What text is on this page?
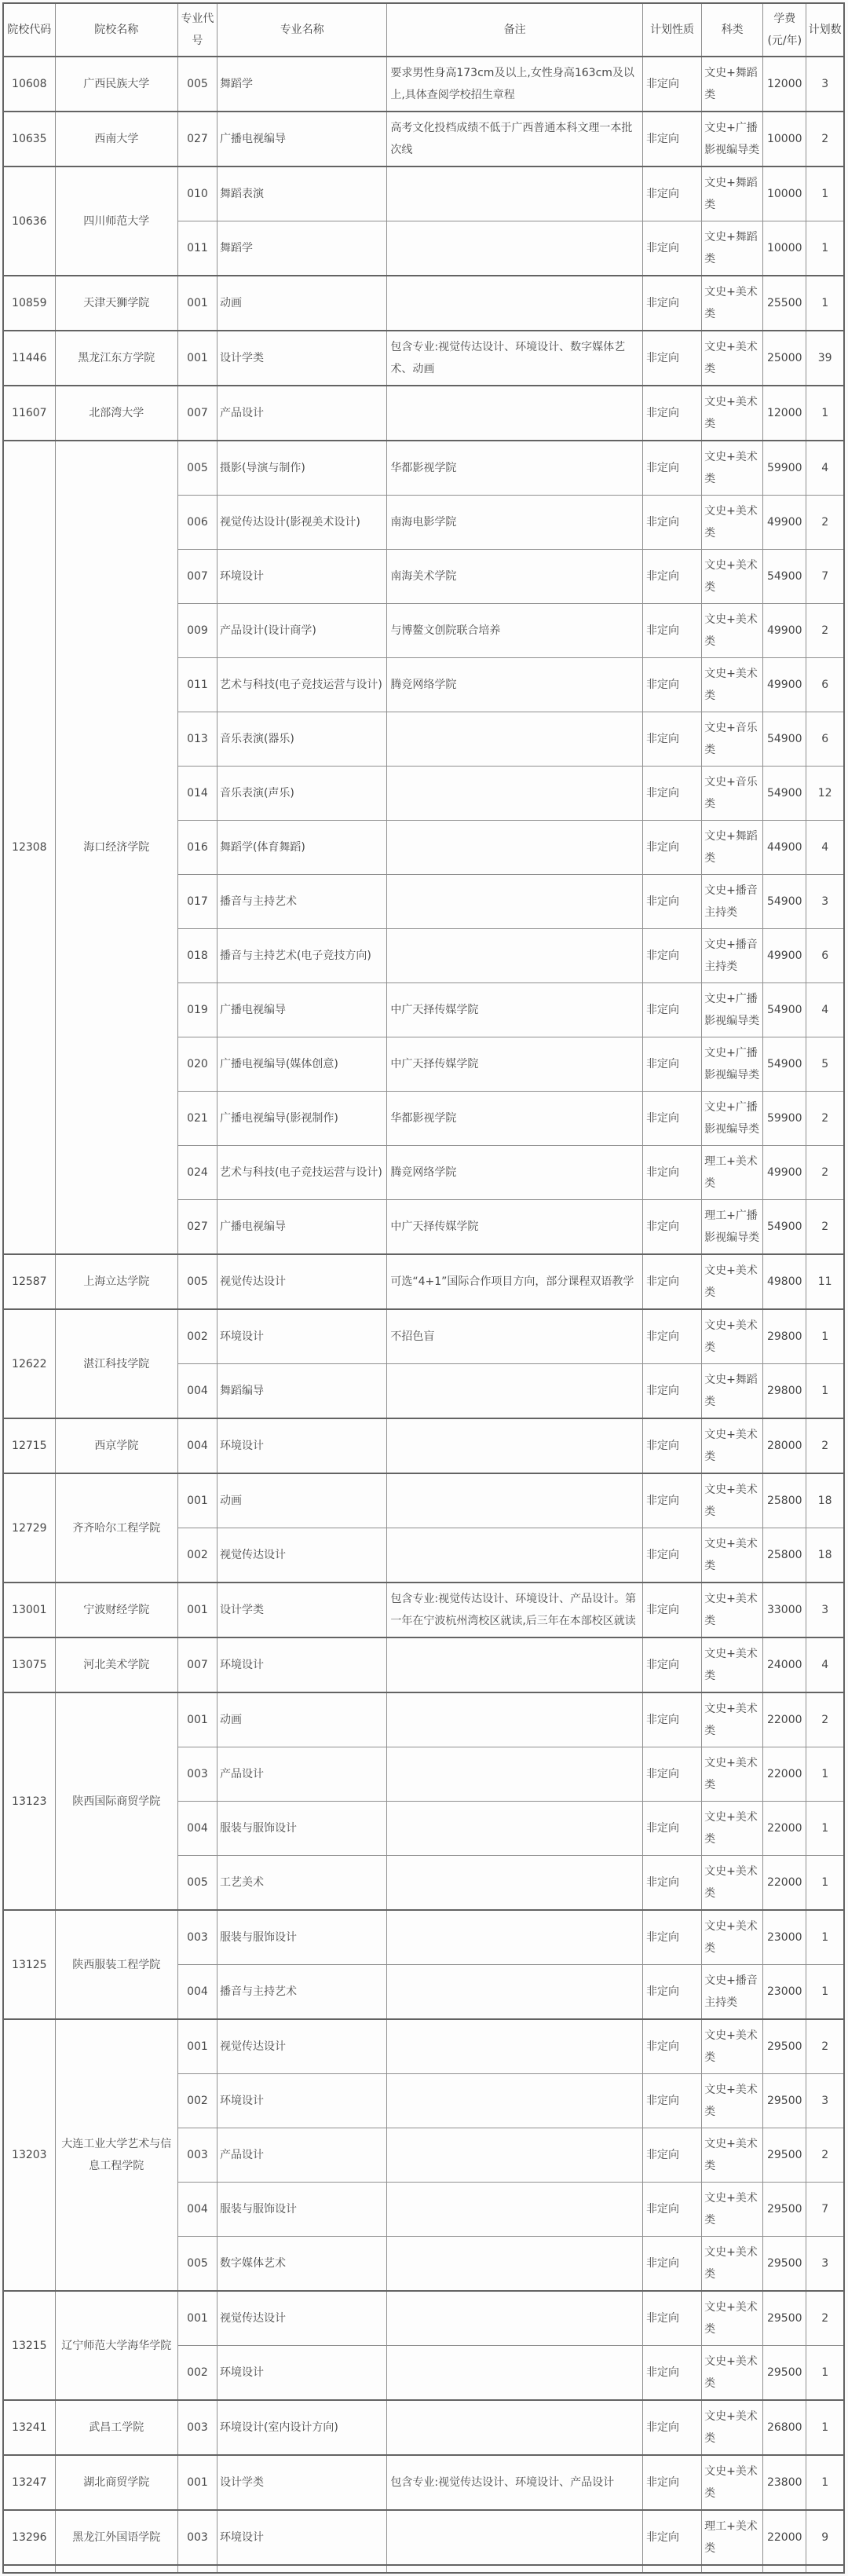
院校代码	院校名称	专业代号	专业名称	备注	计划性质	科类	学费(元/年)	计划数
10608	广西民族大学	005	舞蹈学	要求男性身高173cm及以上,女性身高163cm及以上,具体查阅学校招生章程	非定向	文史+舞蹈类	12000	3
10635	西南大学	027	广播电视编导	高考文化投档成绩不低于广西普通本科文理一本批次线	非定向	文史+广播影视编导类	10000	2
10636	四川师范大学	010	舞蹈表演		非定向	文史+舞蹈类	10000	1
		011	舞蹈学		非定向	文史+舞蹈类	10000	1
10859	天津天狮学院	001	动画		非定向	文史+美术类	25500	1
11446	黑龙江东方学院	001	设计学类	包含专业:视觉传达设计、环境设计、数字媒体艺术、动画	非定向	文史+美术类	25000	39
11607	北部湾大学	007	产品设计		非定向	文史+美术类	12000	1
12308	海口经济学院	005	摄影(导演与制作)	华都影视学院	非定向	文史+美术类	59900	4
		006	视觉传达设计(影视美术设计)	南海电影学院	非定向	文史+美术类	49900	2
		007	环境设计	南海美术学院	非定向	文史+美术类	54900	7
		009	产品设计(设计商学)	与博鳌文创院联合培养	非定向	文史+美术类	49900	2
		011	艺术与科技(电子竞技运营与设计)	腾竞网络学院	非定向	文史+美术类	49900	6
		013	音乐表演(器乐)		非定向	文史+音乐类	54900	6
		014	音乐表演(声乐)		非定向	文史+音乐类	54900	12
		016	舞蹈学(体育舞蹈)		非定向	文史+舞蹈类	44900	4
		017	播音与主持艺术		非定向	文史+播音主持类	54900	3
		018	播音与主持艺术(电子竞技方向)		非定向	文史+播音主持类	49900	6
		019	广播电视编导	中广天择传媒学院	非定向	文史+广播影视编导类	54900	4
		020	广播电视编导(媒体创意)	中广天择传媒学院	非定向	文史+广播影视编导类	54900	5
		021	广播电视编导(影视制作)	华都影视学院	非定向	文史+广播影视编导类	59900	2
		024	艺术与科技(电子竞技运营与设计)	腾竞网络学院	非定向	理工+美术类	49900	2
		027	广播电视编导	中广天择传媒学院	非定向	理工+广播影视编导类	54900	2
12587	上海立达学院	005	视觉传达设计	可选“4+1”国际合作项目方向，部分课程双语教学	非定向	文史+美术类	49800	11
12622	湛江科技学院	002	环境设计	不招色盲	非定向	文史+美术类	29800	1
		004	舞蹈编导		非定向	文史+舞蹈类	29800	1
12715	西京学院	004	环境设计		非定向	文史+美术类	28000	2
12729	齐齐哈尔工程学院	001	动画		非定向	文史+美术类	25800	18
		002	视觉传达设计		非定向	文史+美术类	25800	18
13001	宁波财经学院	001	设计学类	包含专业:视觉传达设计、环境设计、产品设计。第一年在宁波杭州湾校区就读,后三年在本部校区就读	非定向	文史+美术类	33000	3
13075	河北美术学院	007	环境设计		非定向	文史+美术类	24000	4
13123	陕西国际商贸学院	001	动画		非定向	文史+美术类	22000	2
		003	产品设计		非定向	文史+美术类	22000	1
		004	服装与服饰设计		非定向	文史+美术类	22000	1
		005	工艺美术		非定向	文史+美术类	22000	1
13125	陕西服装工程学院	003	服装与服饰设计		非定向	文史+美术类	23000	1
		004	播音与主持艺术		非定向	文史+播音主持类	23000	1
13203	大连工业大学艺术与信息工程学院	001	视觉传达设计		非定向	文史+美术类	29500	2
		002	环境设计		非定向	文史+美术类	29500	3
		003	产品设计		非定向	文史+美术类	29500	2
		004	服装与服饰设计		非定向	文史+美术类	29500	7
		005	数字媒体艺术		非定向	文史+美术类	29500	3
13215	辽宁师范大学海华学院	001	视觉传达设计		非定向	文史+美术类	29500	2
		002	环境设计		非定向	文史+美术类	29500	1
13241	武昌工学院	003	环境设计(室内设计方向)		非定向	文史+美术类	26800	1
13247	湖北商贸学院	001	设计学类	包含专业:视觉传达设计、环境设计、产品设计	非定向	文史+美术类	23800	1
13296	黑龙江外国语学院	003	环境设计		非定向	理工+美术类	22000	9
